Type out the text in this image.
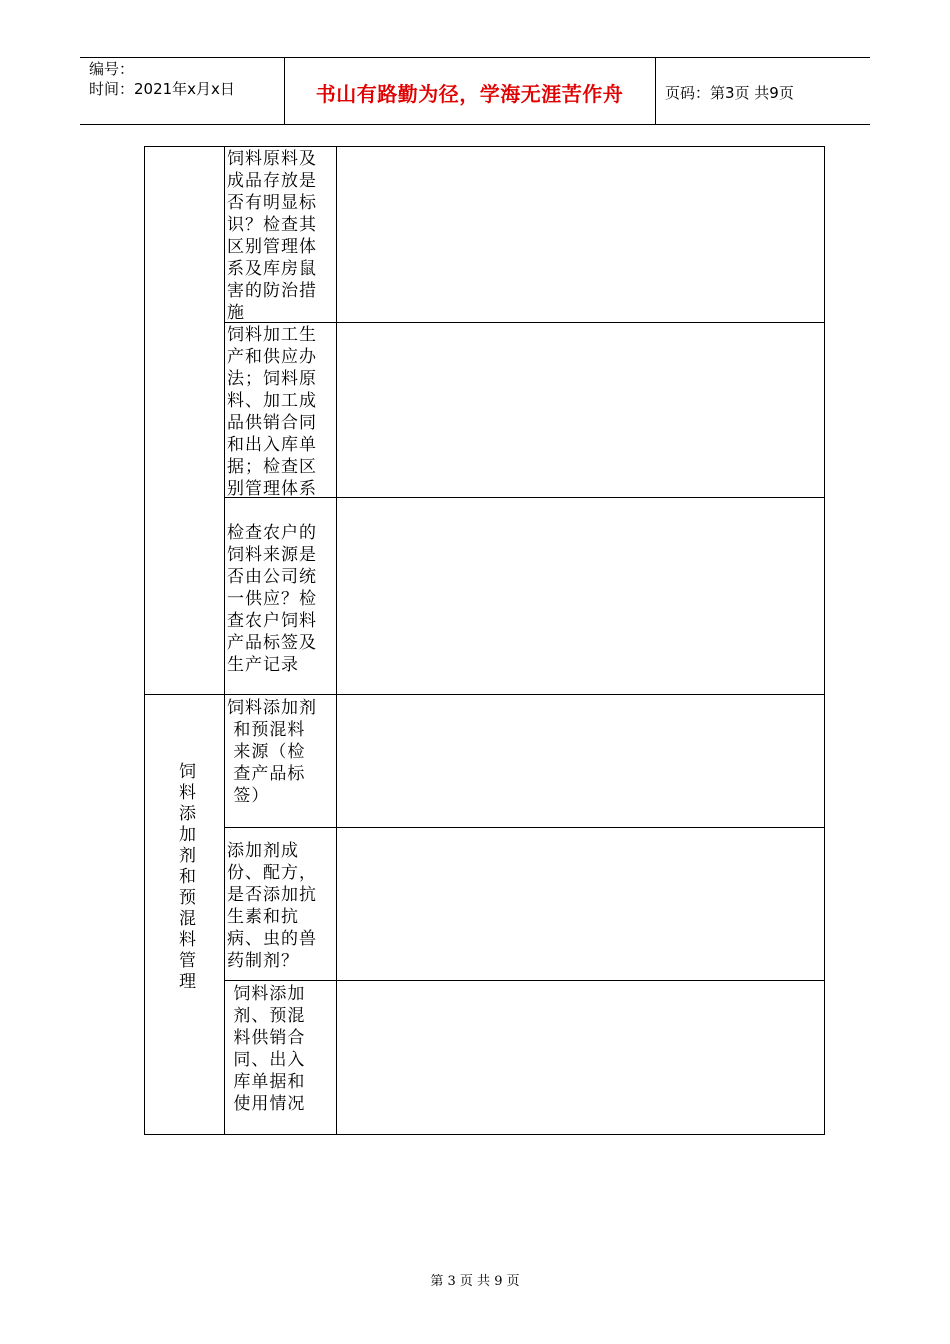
编号：
时间：2021年x月x日	书山有路勤为径，学海无涯苦作舟	页码：第3页 共9页
饲料添加剂和预混料管理
饲料原料及
成品存放是
否有明显标
识？检查其
区别管理体
系及库房鼠
害的防治措
施
饲料加工生
产和供应办
法；饲料原
料、加工成
品供销合同
和出入库单
据；检查区
别管理体系
检查农户的
饲料来源是
否由公司统
一供应？检
查农户饲料
产品标签及
生产记录
饲料添加剂
和预混料
来源（检
查产品标
签）
添加剂成
份、配方，
是否添加抗
生素和抗
病、虫的兽
药制剂？
饲料添加
剂、预混
料供销合
同、出入
库单据和
使用情况
第 3 页 共 9 页
